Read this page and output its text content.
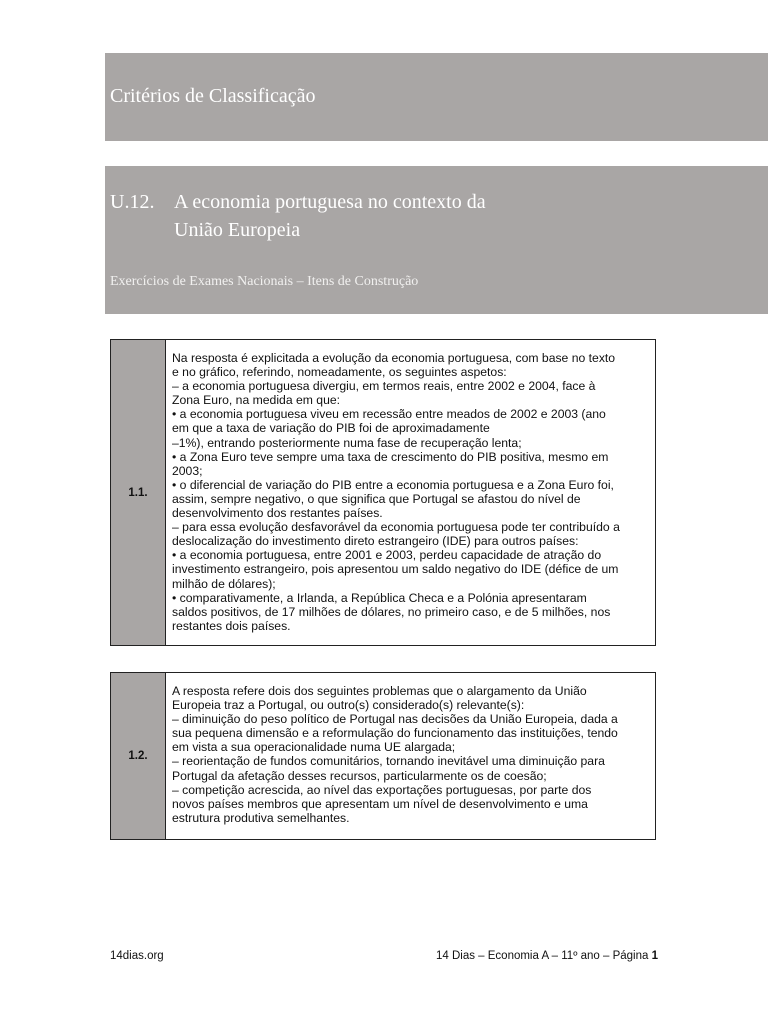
Critérios de Classificação
U.12. A economia portuguesa no contexto da
União Europeia
Exercícios de Exames Nacionais – Itens de Construção
1.1.
Na resposta é explicitada a evolução da economia portuguesa, com base no texto
e no gráfico, referindo, nomeadamente, os seguintes aspetos:
– a economia portuguesa divergiu, em termos reais, entre 2002 e 2004, face à
Zona Euro, na medida em que:
• a economia portuguesa viveu em recessão entre meados de 2002 e 2003 (ano
em que a taxa de variação do PIB foi de aproximadamente
–1%), entrando posteriormente numa fase de recuperação lenta;
• a Zona Euro teve sempre uma taxa de crescimento do PIB positiva, mesmo em
2003;
• o diferencial de variação do PIB entre a economia portuguesa e a Zona Euro foi,
assim, sempre negativo, o que significa que Portugal se afastou do nível de
desenvolvimento dos restantes países.
– para essa evolução desfavorável da economia portuguesa pode ter contribuído a
deslocalização do investimento direto estrangeiro (IDE) para outros países:
• a economia portuguesa, entre 2001 e 2003, perdeu capacidade de atração do
investimento estrangeiro, pois apresentou um saldo negativo do IDE (défice de um
milhão de dólares);
• comparativamente, a Irlanda, a República Checa e a Polónia apresentaram
saldos positivos, de 17 milhões de dólares, no primeiro caso, e de 5 milhões, nos
restantes dois países.
1.2.
A resposta refere dois dos seguintes problemas que o alargamento da União
Europeia traz a Portugal, ou outro(s) considerado(s) relevante(s):
– diminuição do peso político de Portugal nas decisões da União Europeia, dada a
sua pequena dimensão e a reformulação do funcionamento das instituições, tendo
em vista a sua operacionalidade numa UE alargada;
– reorientação de fundos comunitários, tornando inevitável uma diminuição para
Portugal da afetação desses recursos, particularmente os de coesão;
– competição acrescida, ao nível das exportações portuguesas, por parte dos
novos países membros que apresentam um nível de desenvolvimento e uma
estrutura produtiva semelhantes.
14dias.org	14 Dias – Economia A – 11º ano – Página 1
